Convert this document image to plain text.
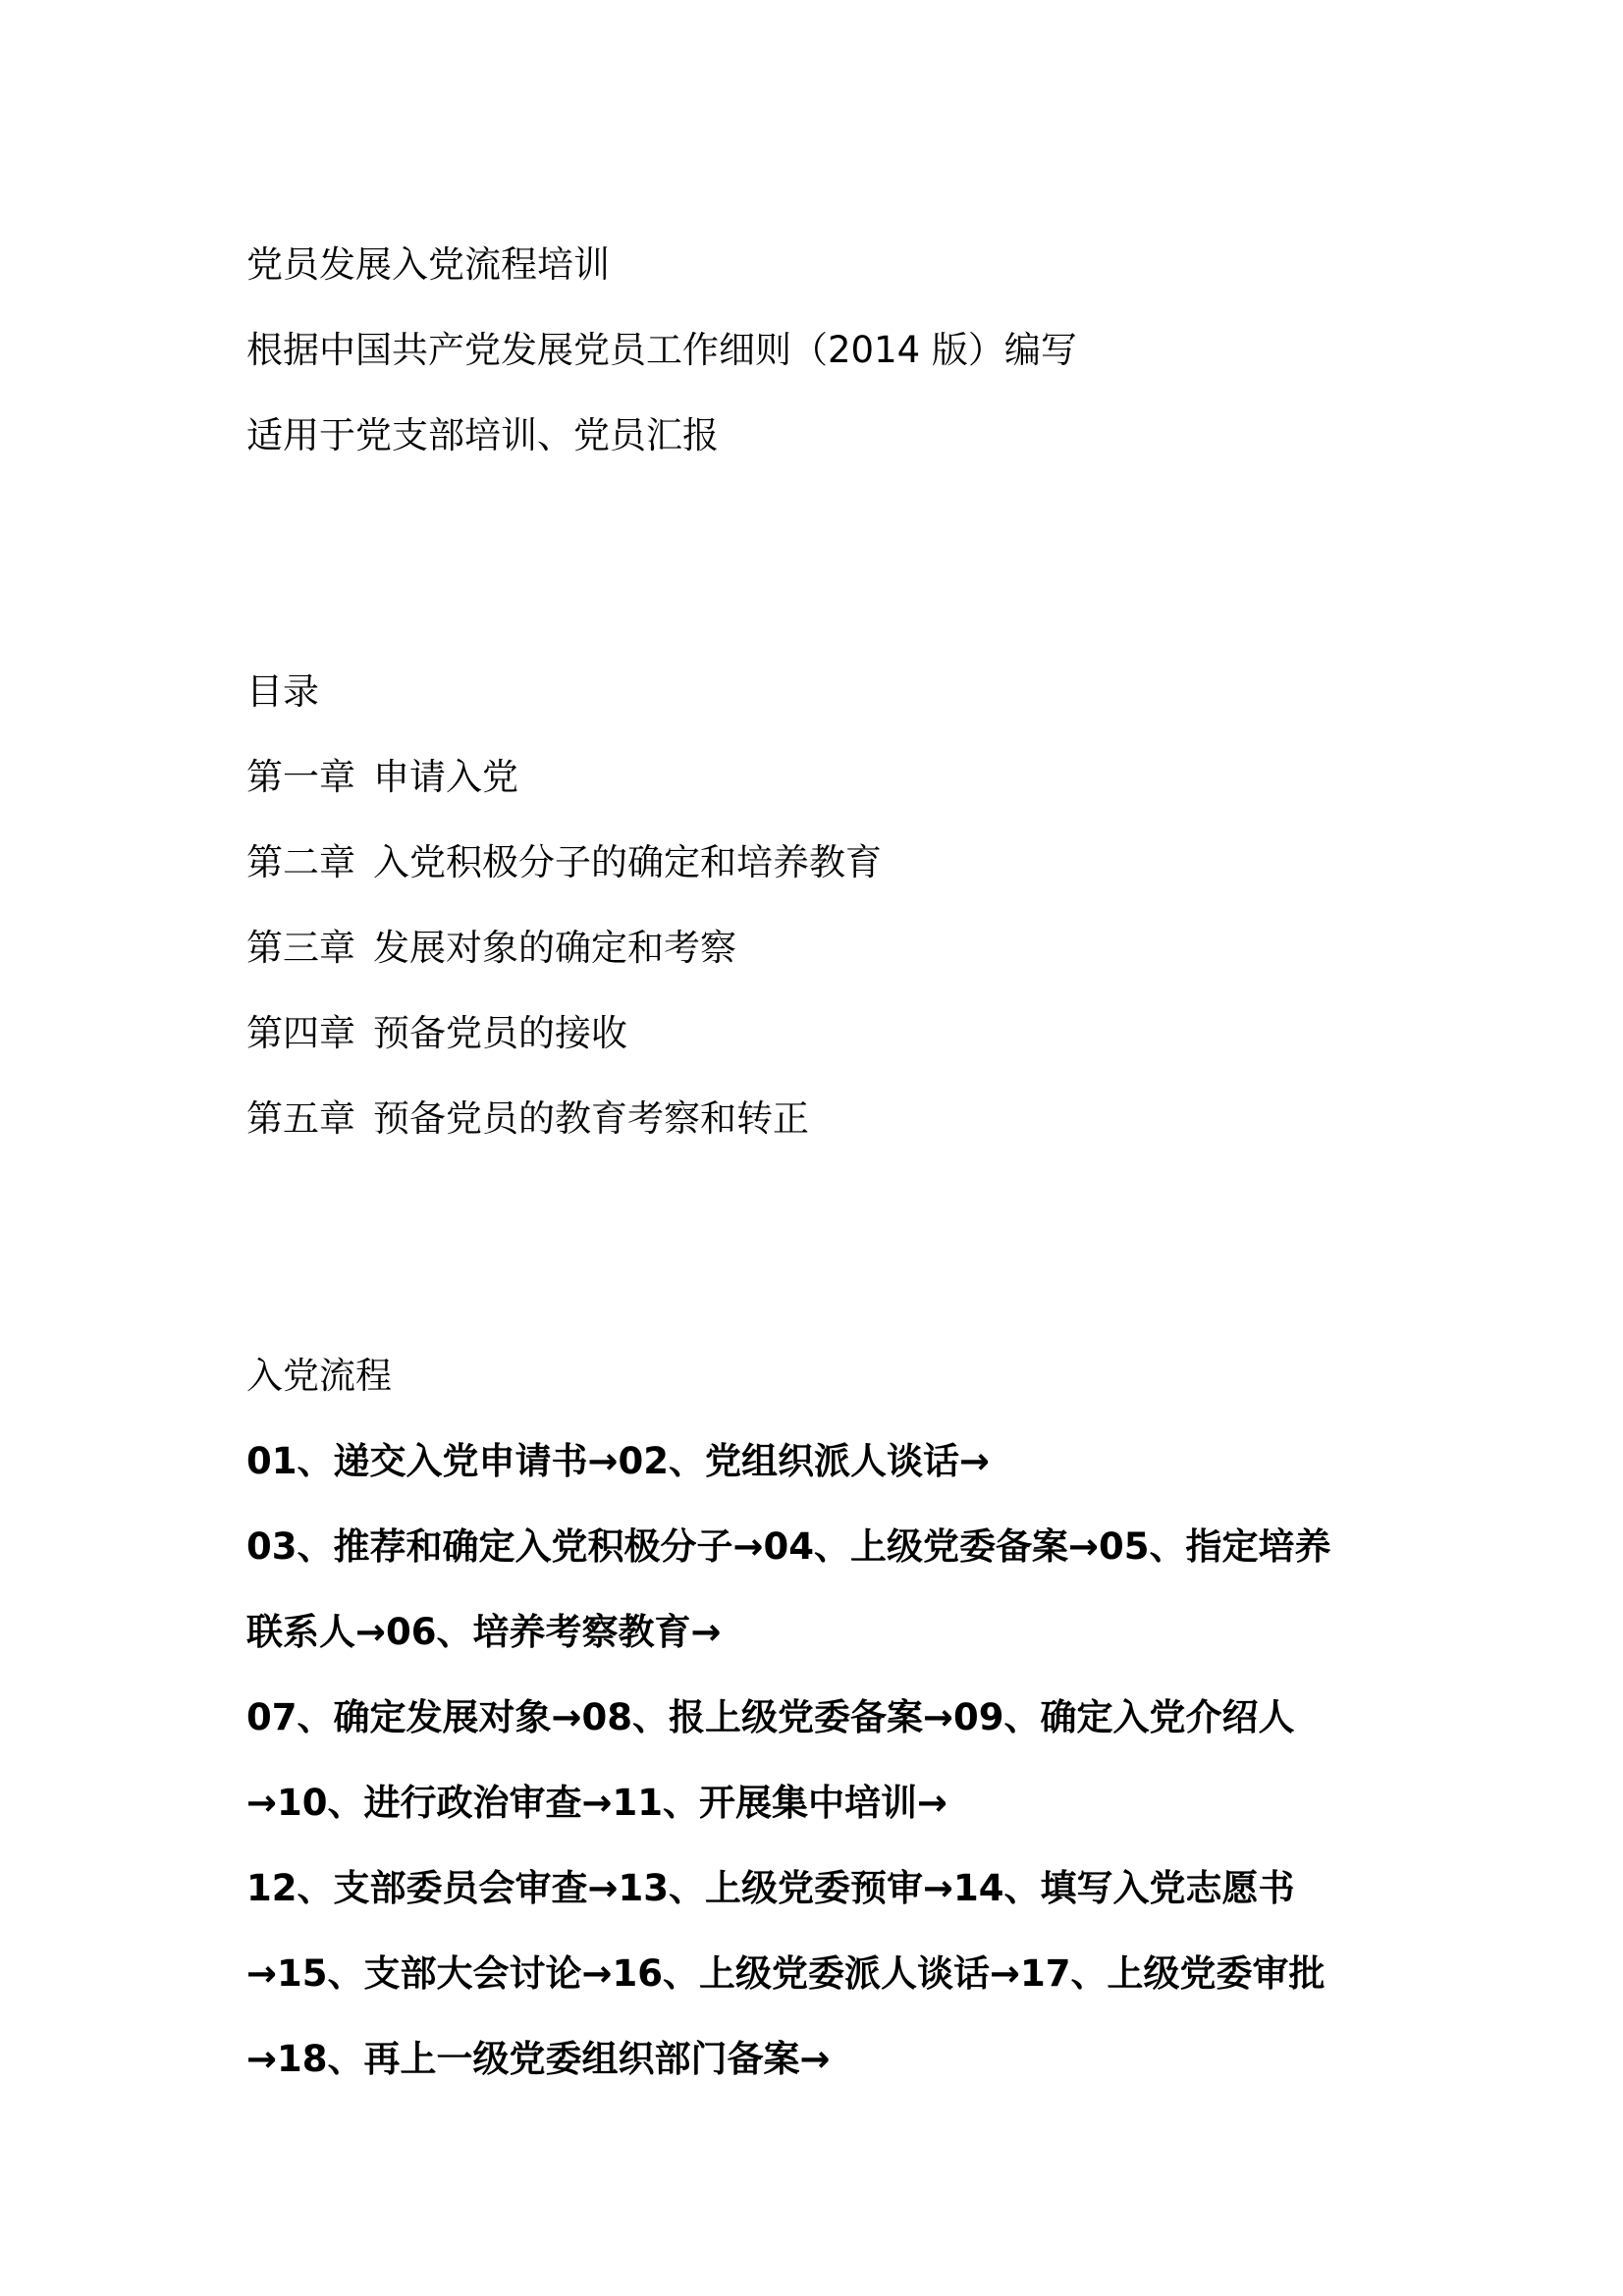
党员发展入党流程培训
根据中国共产党发展党员工作细则（2014 版）编写
适用于党支部培训、党员汇报
目录
第一章 申请入党
第二章 入党积极分子的确定和培养教育
第三章 发展对象的确定和考察
第四章 预备党员的接收
第五章 预备党员的教育考察和转正
入党流程
01、递交入党申请书→02、党组织派人谈话→
03、推荐和确定入党积极分子→04、上级党委备案→05、指定培养
联系人→06、培养考察教育→
07、确定发展对象→08、报上级党委备案→09、确定入党介绍人
→10、进行政治审查→11、开展集中培训→
12、支部委员会审查→13、上级党委预审→14、填写入党志愿书
→15、支部大会讨论→16、上级党委派人谈话→17、上级党委审批
→18、再上一级党委组织部门备案→
